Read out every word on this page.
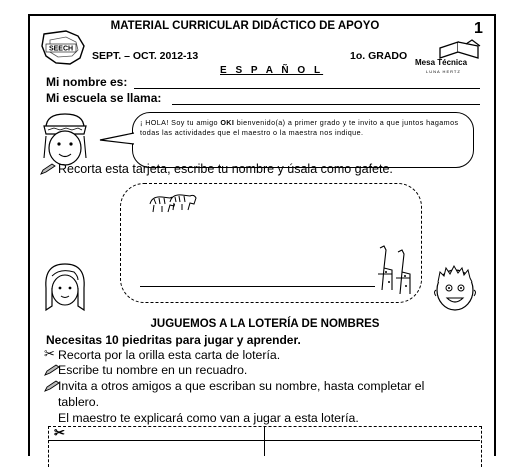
SEECH
MATERIAL CURRICULAR DIDÁCTICO DE APOYO	1
SEPT. – OCT. 2012-13
E S P A Ñ O L
1o. GRADO
Mesa Técnica
LUNA HERTZ
Mi nombre es:
Mi escuela se llama:
¡ HOLA! Soy tu amigo OKI bienvenido(a) a primer grado y te invito a que juntos hagamos todas las actividades que el maestro o la maestra nos indique.
Recorta esta tarjeta, escribe tu nombre y úsala como gafete.
JUGUEMOS A LA LOTERÍA DE NOMBRES
Necesitas 10 piedritas para jugar y aprender.
✂ Recorta por la orilla esta carta de lotería.
Escribe tu nombre en un recuadro.
Invita a otros amigos a que escriban su nombre, hasta completar el
tablero.
El maestro te explicará como van a jugar a esta lotería.
✂
